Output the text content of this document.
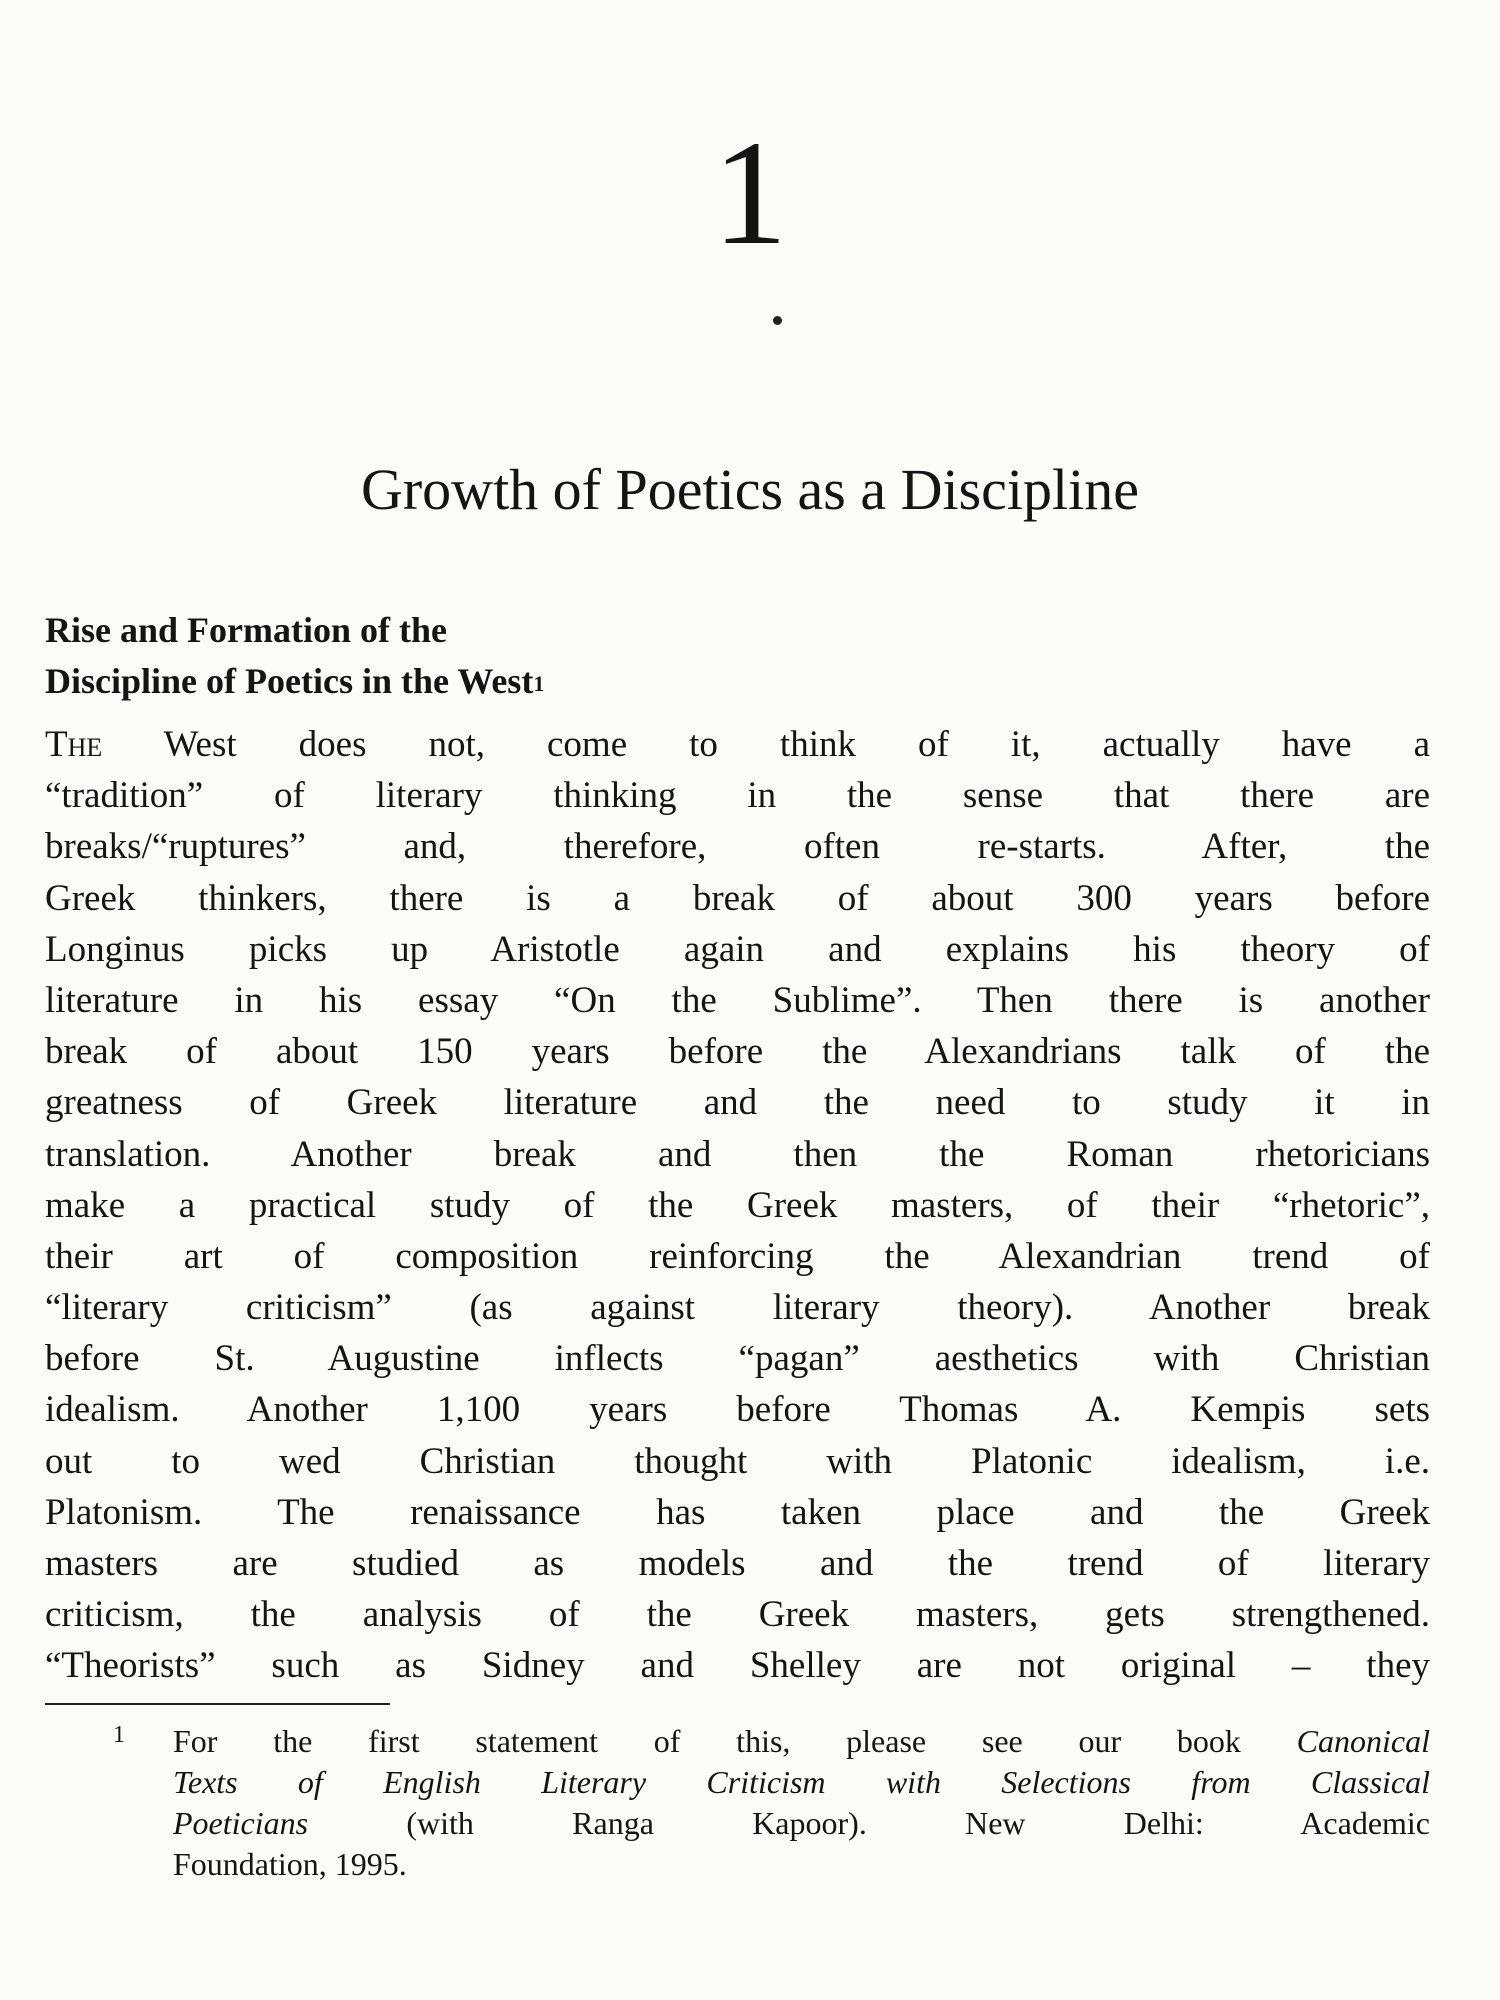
1
Growth of Poetics as a Discipline
Rise and Formation of the
Discipline of Poetics in the West$^1$
The West does not, come to think of it, actually have a
“tradition” of literary thinking in the sense that there are
breaks/“ruptures” and, therefore, often re-starts. After, the
Greek thinkers, there is a break of about 300 years before
Longinus picks up Aristotle again and explains his theory of
literature in his essay “On the Sublime”. Then there is another
break of about 150 years before the Alexandrians talk of the
greatness of Greek literature and the need to study it in
translation. Another break and then the Roman rhetoricians
make a practical study of the Greek masters, of their “rhetoric”,
their art of composition reinforcing the Alexandrian trend of
“literary criticism” (as against literary theory). Another break
before St. Augustine inflects “pagan” aesthetics with Christian
idealism. Another 1,100 years before Thomas A. Kempis sets
out to wed Christian thought with Platonic idealism, i.e.
Platonism. The renaissance has taken place and the Greek
masters are studied as models and the trend of literary
criticism, the analysis of the Greek masters, gets strengthened.
“Theorists” such as Sidney and Shelley are not original – they
1 For the first statement of this, please see our book Canonical
Texts of English Literary Criticism with Selections from Classical
Poeticians (with Ranga Kapoor). New Delhi: Academic
Foundation, 1995.
